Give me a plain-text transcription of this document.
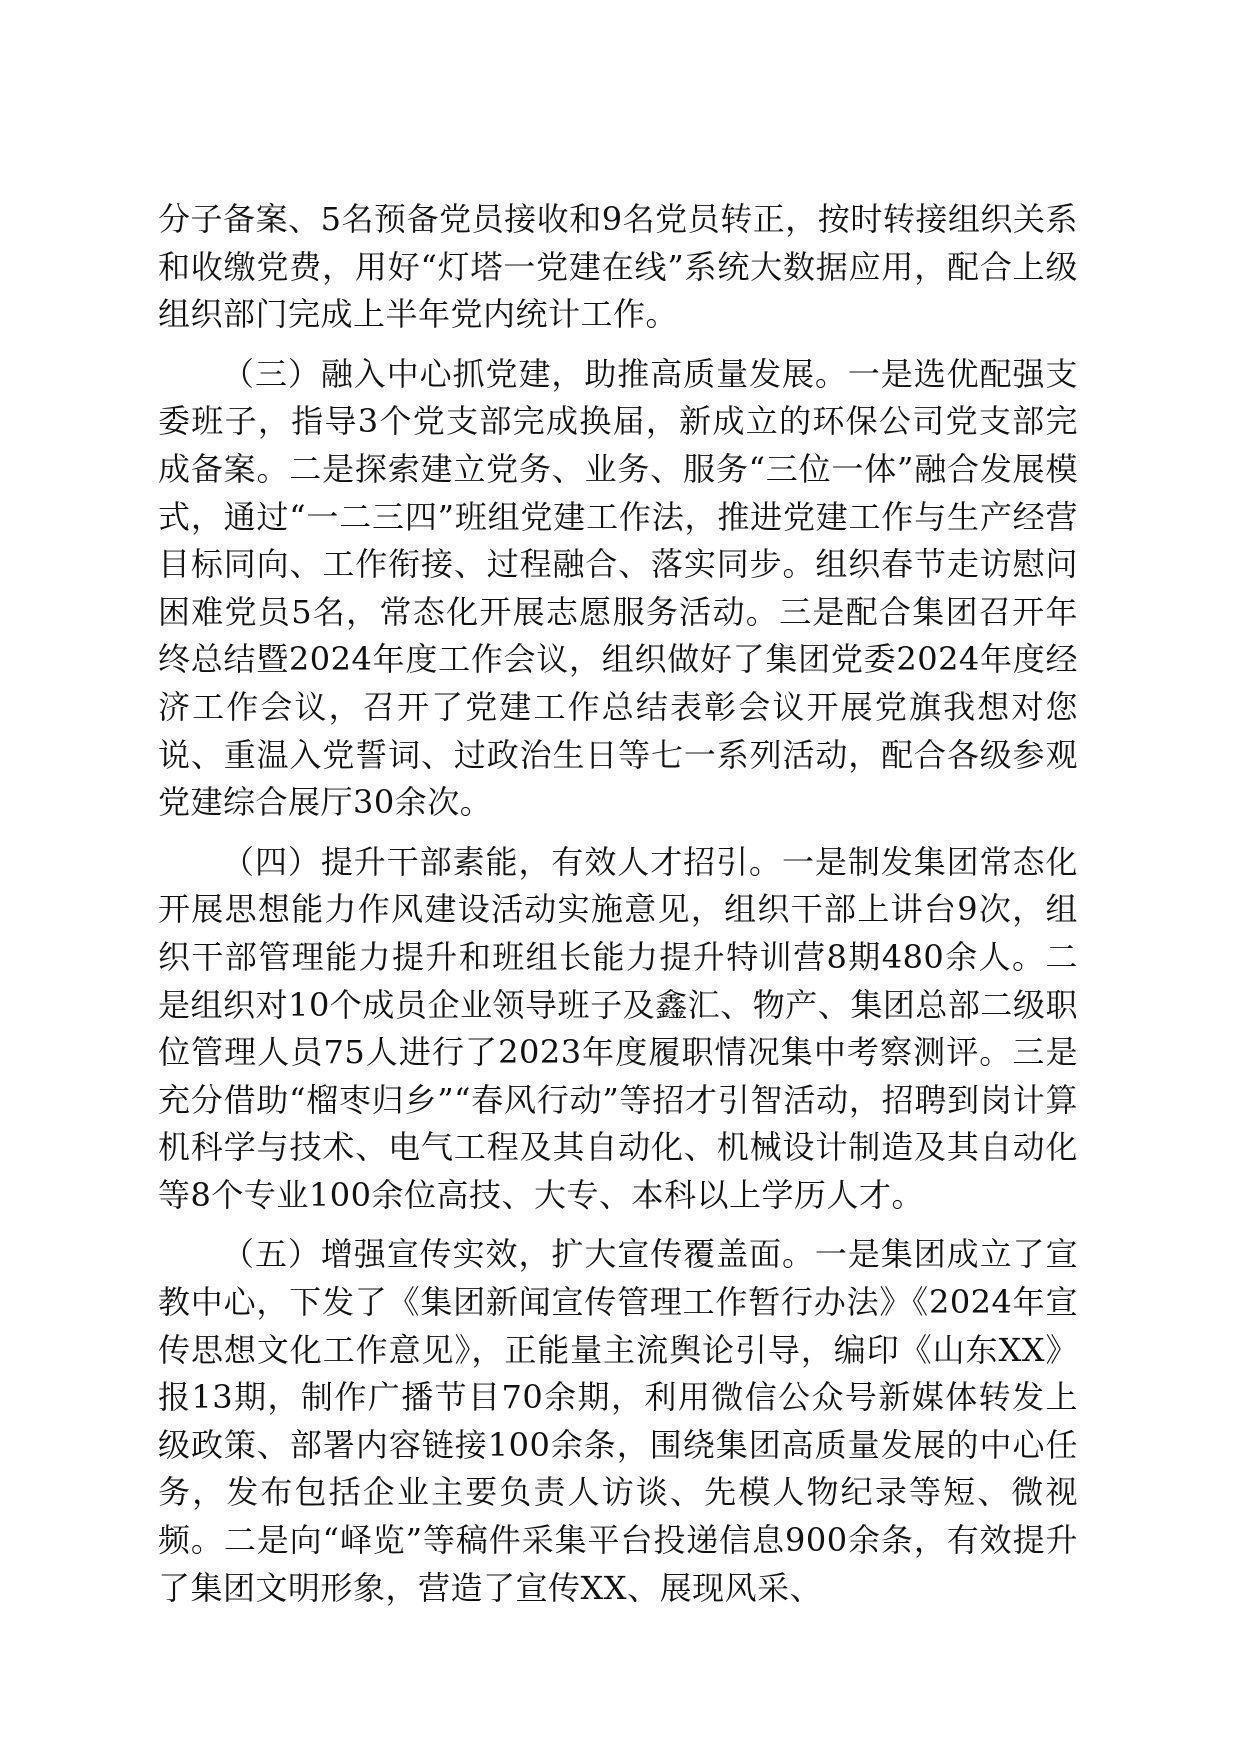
分子备案、5名预备党员接收和9名党员转正，按时转接组织关系和收缴党费，用好“灯塔一党建在线”系统大数据应用，配合上级组织部门完成上半年党内统计工作。

（三）融入中心抓党建，助推高质量发展。一是选优配强支委班子，指导3个党支部完成换届，新成立的环保公司党支部完成备案。二是探索建立党务、业务、服务“三位一体”融合发展模式，通过“一二三四”班组党建工作法，推进党建工作与生产经营目标同向、工作衔接、过程融合、落实同步。组织春节走访慰问困难党员5名，常态化开展志愿服务活动。三是配合集团召开年终总结暨2024年度工作会议，组织做好了集团党委2024年度经济工作会议，召开了党建工作总结表彰会议开展党旗我想对您说、重温入党誓词、过政治生日等七一系列活动，配合各级参观党建综合展厅30余次。

（四）提升干部素能，有效人才招引。一是制发集团常态化开展思想能力作风建设活动实施意见，组织干部上讲台9次，组织干部管理能力提升和班组长能力提升特训营8期480余人。二是组织对10个成员企业领导班子及鑫汇、物产、集团总部二级职位管理人员75人进行了2023年度履职情况集中考察测评。三是充分借助“榴枣归乡”“春风行动”等招才引智活动，招聘到岗计算机科学与技术、电气工程及其自动化、机械设计制造及其自动化等8个专业100余位高技、大专、本科以上学历人才。

（五）增强宣传实效，扩大宣传覆盖面。一是集团成立了宣教中心，下发了《集团新闻宣传管理工作暂行办法》《2024年宣传思想文化工作意见》，正能量主流舆论引导，编印《山东XX》报13期，制作广播节目70余期，利用微信公众号新媒体转发上级政策、部署内容链接100余条，围绕集团高质量发展的中心任务，发布包括企业主要负责人访谈、先模人物纪录等短、微视频。二是向“峄览”等稿件采集平台投递信息900余条，有效提升了集团文明形象，营造了宣传XX、展现风采、
